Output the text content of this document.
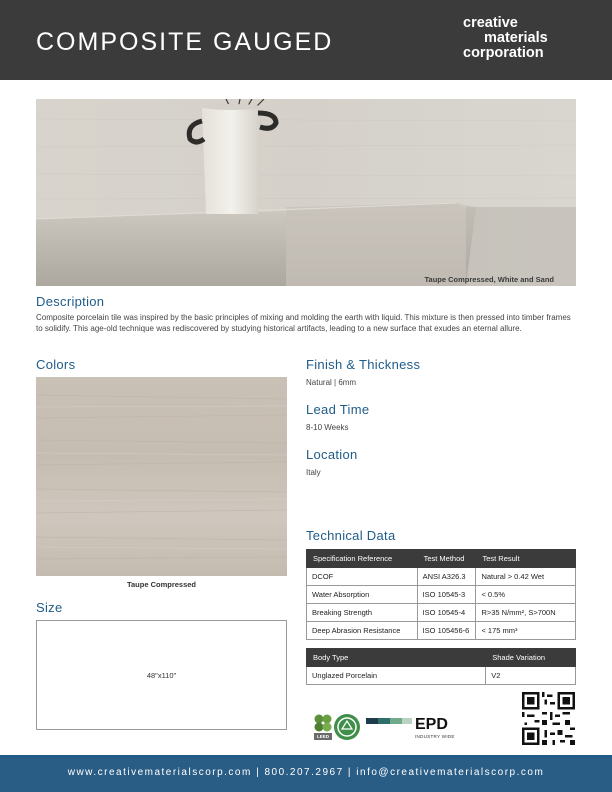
COMPOSITE GAUGED
creative
materials
corporation
Taupe Compressed, White and Sand
Description
Composite porcelain tile was inspired by the basic principles of mixing and molding the earth with liquid. This mixture is then pressed into timber frames to solidify. This age-old technique was rediscovered by studying historical artifacts, leading to a new surface that exudes an eternal allure.
Colors
Taupe Compressed
Size
48"x110"
Finish & Thickness
Natural | 6mm
Lead Time
8-10 Weeks
Location
Italy
Technical Data
Specification Reference	Test Method	Test Result
DCOF	ANSI A326.3	Natural > 0.42 Wet
Water Absorption	ISO 10545-3	< 0.5%
Breaking Strength	ISO 10545-4	R>35 N/mm², S>700N
Deep Abrasion Resistance	ISO 105456-6	< 175 mm³
Body Type	Shade Variation
Unglazed Porcelain	V2
EPD
INDUSTRY WIDE
LEED
www.creativematerialscorp.com | 800.207.2967 | info@creativematerialscorp.com
